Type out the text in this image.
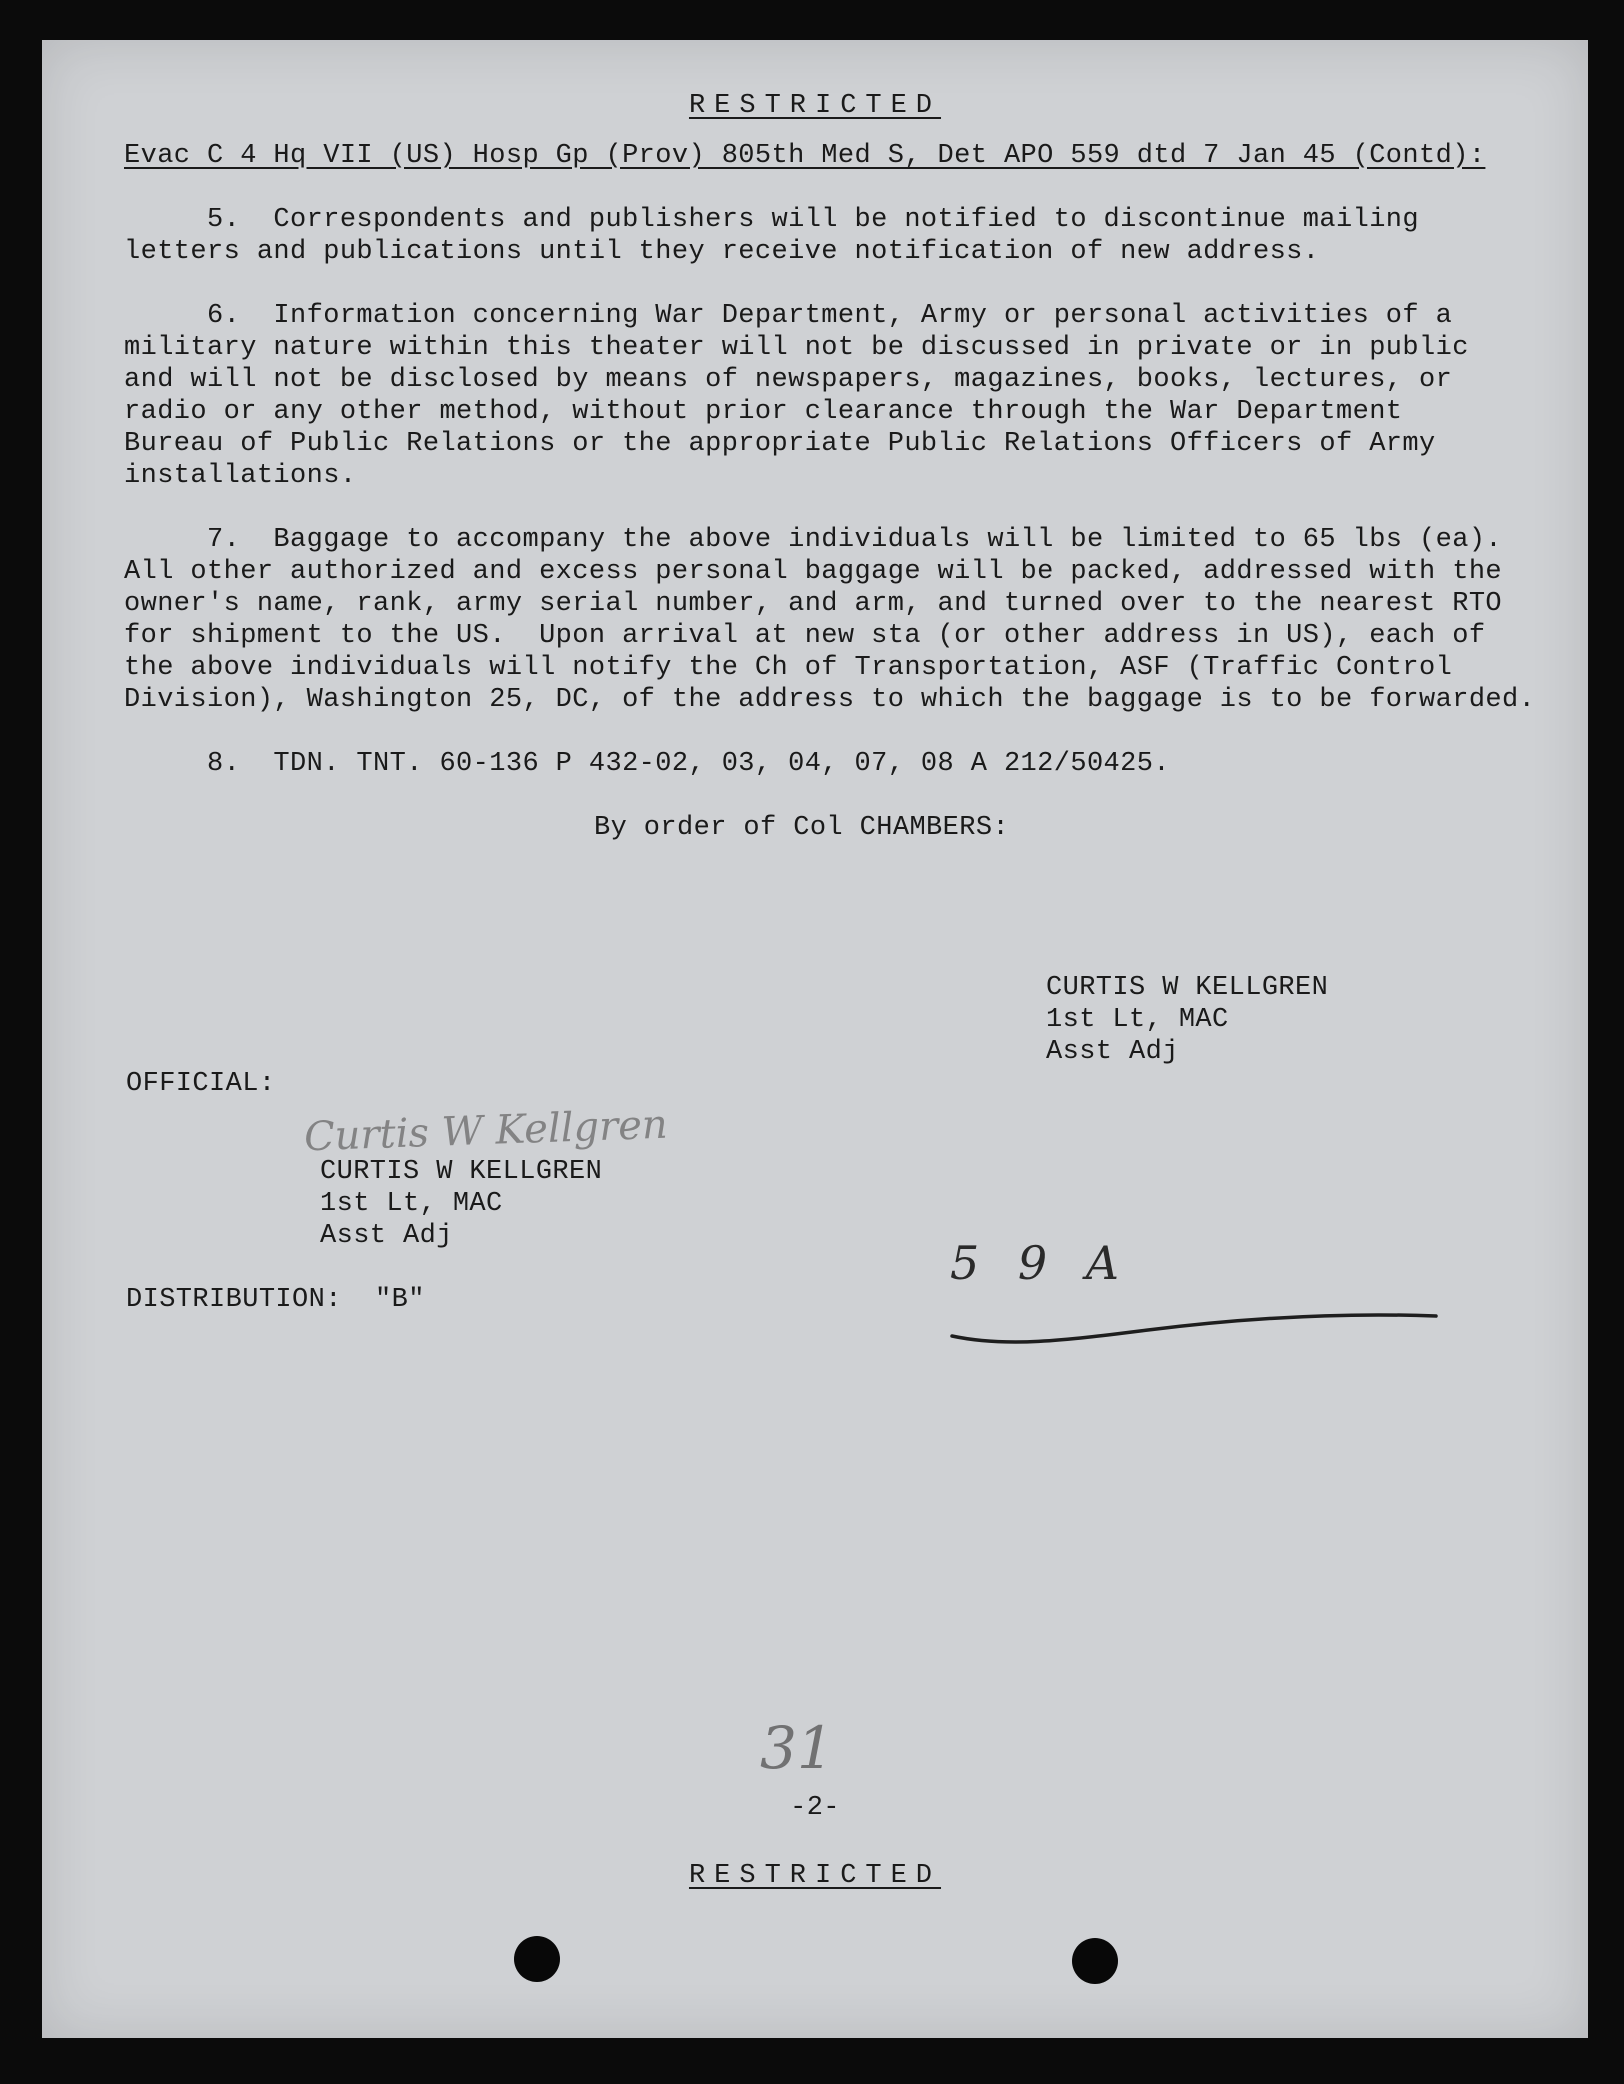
RESTRICTED
Evac C 4 Hq VII (US) Hosp Gp (Prov) 805th Med S, Det APO 559 dtd 7 Jan 45 (Contd):
5.  Correspondents and publishers will be notified to discontinue mailing
letters and publications until they receive notification of new address.
6.  Information concerning War Department, Army or personal activities of a
military nature within this theater will not be discussed in private or in public
and will not be disclosed by means of newspapers, magazines, books, lectures, or
radio or any other method, without prior clearance through the War Department
Bureau of Public Relations or the appropriate Public Relations Officers of Army
installations.
7.  Baggage to accompany the above individuals will be limited to 65 lbs (ea).
All other authorized and excess personal baggage will be packed, addressed with the
owner's name, rank, army serial number, and arm, and turned over to the nearest RTO
for shipment to the US.  Upon arrival at new sta (or other address in US), each of
the above individuals will notify the Ch of Transportation, ASF (Traffic Control
Division), Washington 25, DC, of the address to which the baggage is to be forwarded.
8.  TDN. TNT. 60-136 P 432-02, 03, 04, 07, 08 A 212/50425.
By order of Col CHAMBERS:
CURTIS W KELLGREN
1st Lt, MAC
Asst Adj
OFFICIAL:
Curtis W Kellgren
CURTIS W KELLGREN
1st Lt, MAC
Asst Adj
DISTRIBUTION:  "B"
5 9 A
31
-2-
RESTRICTED
